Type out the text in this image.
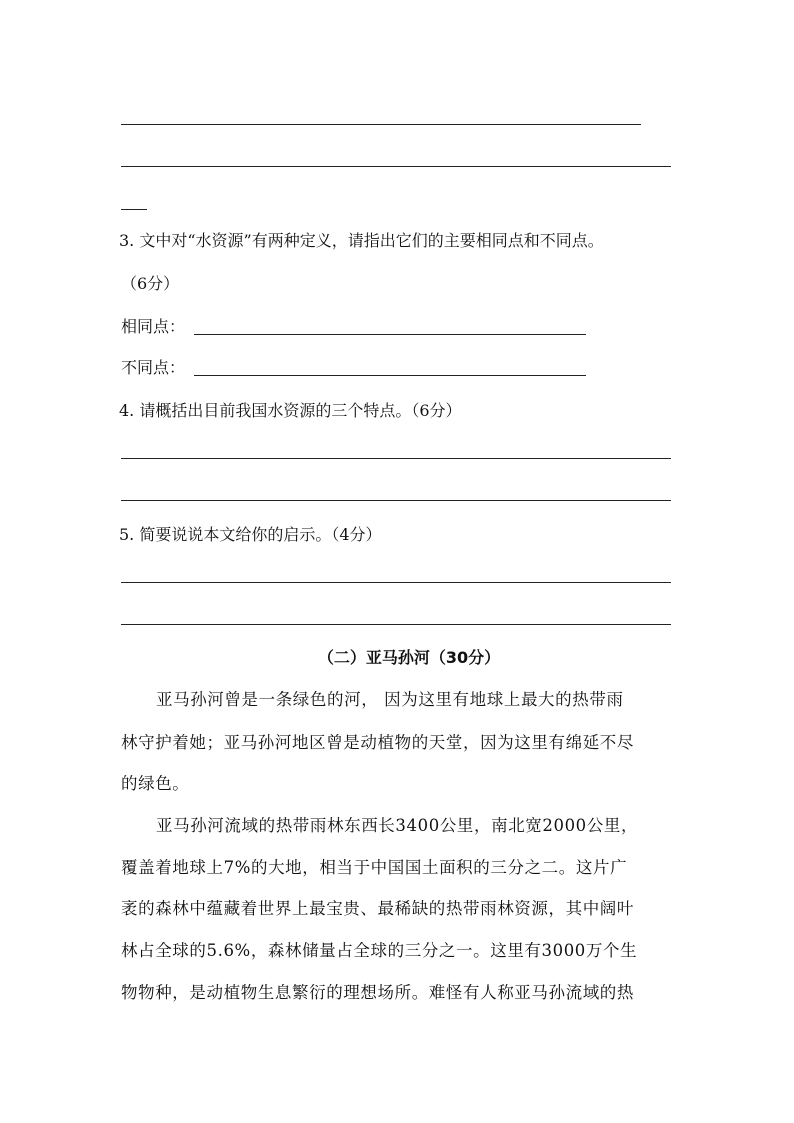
3. 文中对“水资源”有两种定义，请指出它们的主要相同点和不同点。
（6分）
相同点：
不同点：
4. 请概括出目前我国水资源的三个特点。（6分）
5. 简要说说本文给你的启示。（4分）
（二）亚马孙河（30分）
亚马孙河曾是一条绿色的河， 因为这里有地球上最大的热带雨
林守护着她；亚马孙河地区曾是动植物的天堂，因为这里有绵延不尽
的绿色。
亚马孙河流域的热带雨林东西长3400公里，南北宽2000公里，
覆盖着地球上7%的大地，相当于中国国土面积的三分之二。这片广
袤的森林中蕴藏着世界上最宝贵、最稀缺的热带雨林资源，其中阔叶
林占全球的5.6%，森林储量占全球的三分之一。这里有3000万个生
物物种，是动植物生息繁衍的理想场所。难怪有人称亚马孙流域的热
